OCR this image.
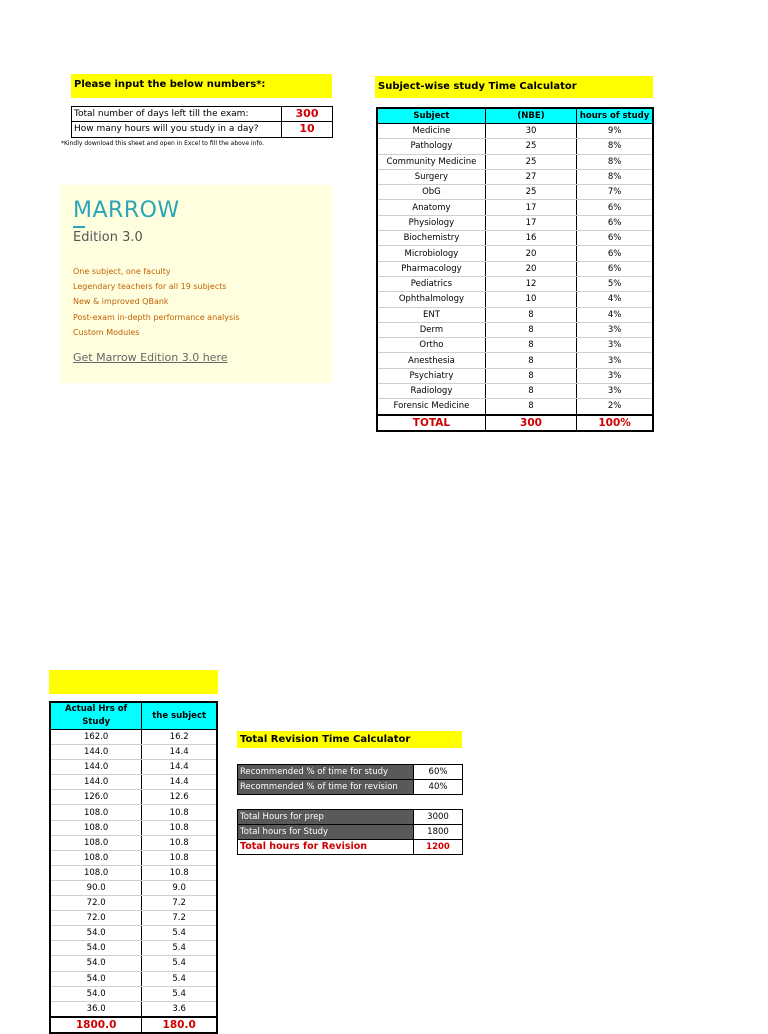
Please input the below numbers*:
Total number of days left till the exam:	300
How many hours will you study in a day?	10
*Kindly download this sheet and open in Excel to fill the above info.
MARROW
Edition 3.0
One subject, one faculty
Legendary teachers for all 19 subjects
New & improved QBank
Post-exam in-depth performance analysis
Custom Modules
Get Marrow Edition 3.0 here
Subject-wise study Time Calculator
Subject	(NBE)	hours of study
Medicine	30	9%
Pathology	25	8%
Community Medicine	25	8%
Surgery	27	8%
ObG	25	7%
Anatomy	17	6%
Physiology	17	6%
Biochemistry	16	6%
Microbiology	20	6%
Pharmacology	20	6%
Pediatrics	12	5%
Ophthalmology	10	4%
ENT	8	4%
Derm	8	3%
Ortho	8	3%
Anesthesia	8	3%
Psychiatry	8	3%
Radiology	8	3%
Forensic Medicine	8	2%
TOTAL	300	100%
Actual Hrs of Study	the subject
162.0	16.2
144.0	14.4
144.0	14.4
144.0	14.4
126.0	12.6
108.0	10.8
108.0	10.8
108.0	10.8
108.0	10.8
108.0	10.8
90.0	9.0
72.0	7.2
72.0	7.2
54.0	5.4
54.0	5.4
54.0	5.4
54.0	5.4
54.0	5.4
36.0	3.6
1800.0	180.0
Total Revision Time Calculator
Recommended % of time for study	60%
Recommended % of time for revision	40%
Total Hours for prep	3000
Total hours for Study	1800
Total hours for Revision	1200
